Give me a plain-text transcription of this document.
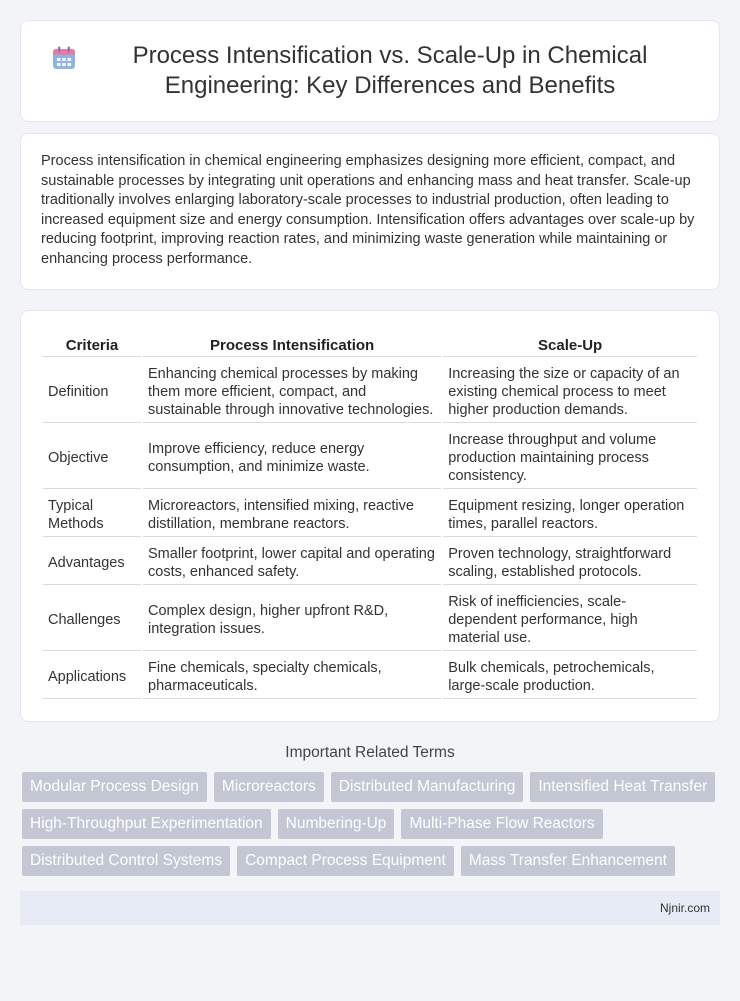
Process Intensification vs. Scale-Up in Chemical Engineering: Key Differences and Benefits

Process intensification in chemical engineering emphasizes designing more efficient, compact, and sustainable processes by integrating unit operations and enhancing mass and heat transfer. Scale-up traditionally involves enlarging laboratory-scale processes to industrial production, often leading to increased equipment size and energy consumption. Intensification offers advantages over scale-up by reducing footprint, improving reaction rates, and minimizing waste generation while maintaining or enhancing process performance.

Criteria	Process Intensification	Scale-Up
Definition	Enhancing chemical processes by making them more efficient, compact, and sustainable through innovative technologies.	Increasing the size or capacity of an existing chemical process to meet higher production demands.
Objective	Improve efficiency, reduce energy consumption, and minimize waste.	Increase throughput and volume production maintaining process consistency.
Typical Methods	Microreactors, intensified mixing, reactive distillation, membrane reactors.	Equipment resizing, longer operation times, parallel reactors.
Advantages	Smaller footprint, lower capital and operating costs, enhanced safety.	Proven technology, straightforward scaling, established protocols.
Challenges	Complex design, higher upfront R&D, integration issues.	Risk of inefficiencies, scale-dependent performance, high material use.
Applications	Fine chemicals, specialty chemicals, pharmaceuticals.	Bulk chemicals, petrochemicals, large-scale production.
Important Related Terms
Modular Process Design	Microreactors	Distributed Manufacturing	Intensified Heat Transfer
High-Throughput Experimentation	Numbering-Up	Multi-Phase Flow Reactors
Distributed Control Systems	Compact Process Equipment	Mass Transfer Enhancement
Njnir.com
